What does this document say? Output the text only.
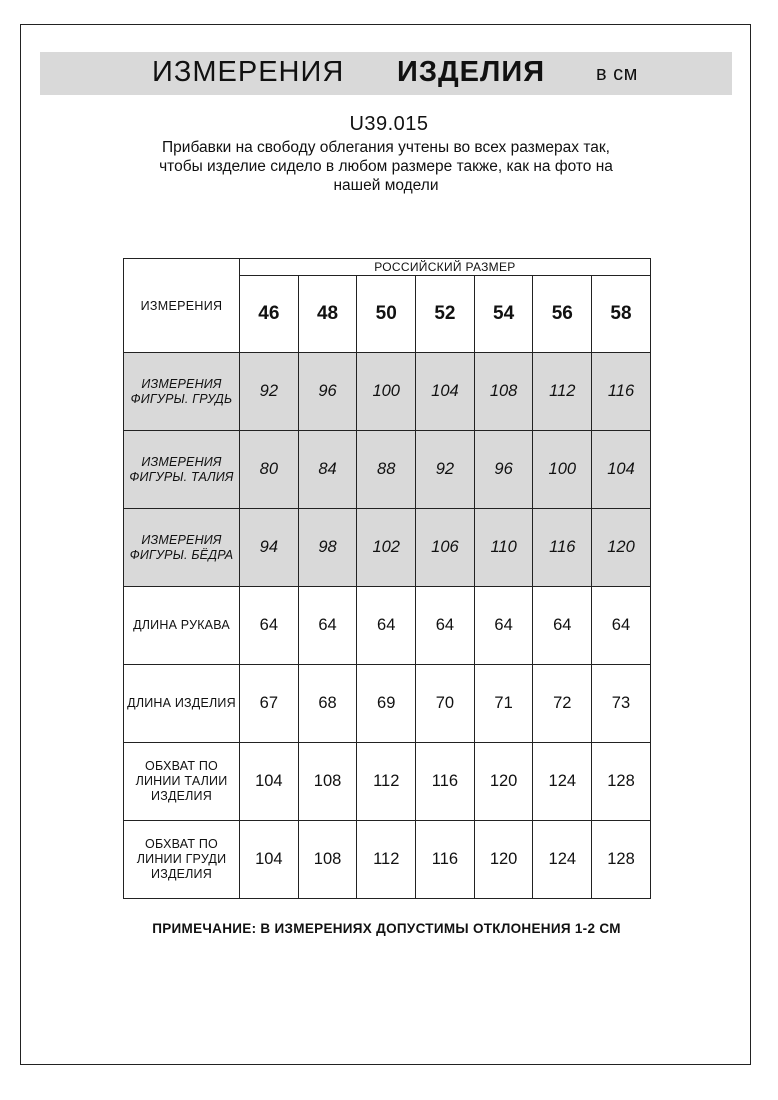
ИЗМЕРЕНИЯ ИЗДЕЛИЯ	в см
U39.015
Прибавки на свободу облегания учтены во всех размерах так,
чтобы изделие сидело в любом размере также, как на фото на
нашей модели
ИЗМЕРЕНИЯ	РОССИЙСКИЙ РАЗМЕР						
	46	48	50	52	54	56	58

ИЗМЕРЕНИЯ
ФИГУРЫ. ГРУДЬ	92	96	100	104	108	112	116

ИЗМЕРЕНИЯ
ФИГУРЫ. ТАЛИЯ	80	84	88	92	96	100	104

ИЗМЕРЕНИЯ
ФИГУРЫ. БЁДРА	94	98	102	106	110	116	120

ДЛИНА РУКАВА	64	64	64	64	64	64	64

ДЛИНА ИЗДЕЛИЯ	67	68	69	70	71	72	73

ОБХВАТ ПО
ЛИНИИ ТАЛИИ
ИЗДЕЛИЯ	104	108	112	116	120	124	128

ОБХВАТ ПО
ЛИНИИ ГРУДИ
ИЗДЕЛИЯ	104	108	112	116	120	124	128
ПРИМЕЧАНИЕ: В ИЗМЕРЕНИЯХ ДОПУСТИМЫ ОТКЛОНЕНИЯ 1-2 СМ
